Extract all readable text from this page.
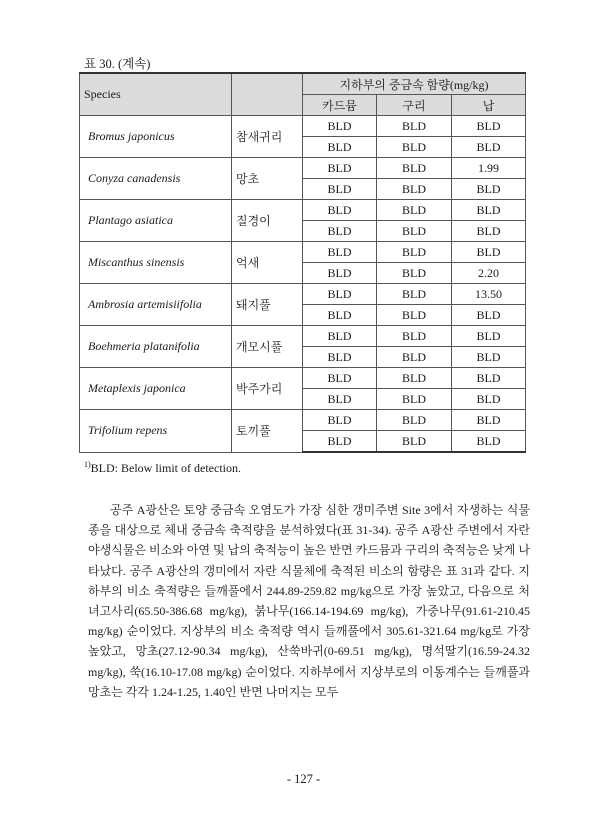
표 30. (계속)
Species		지하부의 중금속 함량(mg/kg)		
		카드뮴	구리	납
Bromus japonicus	참새귀리	BLD	BLD	BLD
		BLD	BLD	BLD
Conyza canadensis	망초	BLD	BLD	1.99
		BLD	BLD	BLD
Plantago asiatica	질경이	BLD	BLD	BLD
		BLD	BLD	BLD
Miscanthus sinensis	억새	BLD	BLD	BLD
		BLD	BLD	2.20
Ambrosia artemisiifolia	돼지풀	BLD	BLD	13.50
		BLD	BLD	BLD
Boehmeria platanifolia	개모시풀	BLD	BLD	BLD
		BLD	BLD	BLD
Metaplexis japonica	박주가리	BLD	BLD	BLD
		BLD	BLD	BLD
Trifolium repens	토끼풀	BLD	BLD	BLD
		BLD	BLD	BLD
$^{1)}$BLD: Below limit of detection.

공주 A광산은 토양 중금속 오염도가 가장 심한 갱미주변 Site 3에서 자생하는 식물종을 대상으로 체내 중금속 축적량을 분석하였다(표 31-34). 공주 A광산 주변에서 자란 야생식물은 비소와 아연 및 납의 축적능이 높은 반면 카드뮴과 구리의 축적능은 낮게 나타났다. 공주 A광산의 갱미에서 자란 식물체에 축적된 비소의 함량은 표 31과 같다. 지하부의 비소 축적량은 들깨풀에서 244.89-259.82 mg/kg으로 가장 높았고, 다음으로 처녀고사리(65.50-386.68 mg/kg), 붉나무(166.14-194.69 mg/kg), 가중나무(91.61-210.45 mg/kg) 순이었다. 지상부의 비소 축적량 역시 들깨풀에서 305.61-321.64 mg/kg로 가장 높았고, 망초(27.12-90.34 mg/kg), 산쑥바귀(0-69.51 mg/kg), 명석딸기(16.59-24.32 mg/kg), 쑥(16.10-17.08 mg/kg) 순이었다. 지하부에서 지상부로의 이동계수는 들깨풀과 망초는 각각 1.24-1.25, 1.40인 반면 나머지는 모두

- 127 -
